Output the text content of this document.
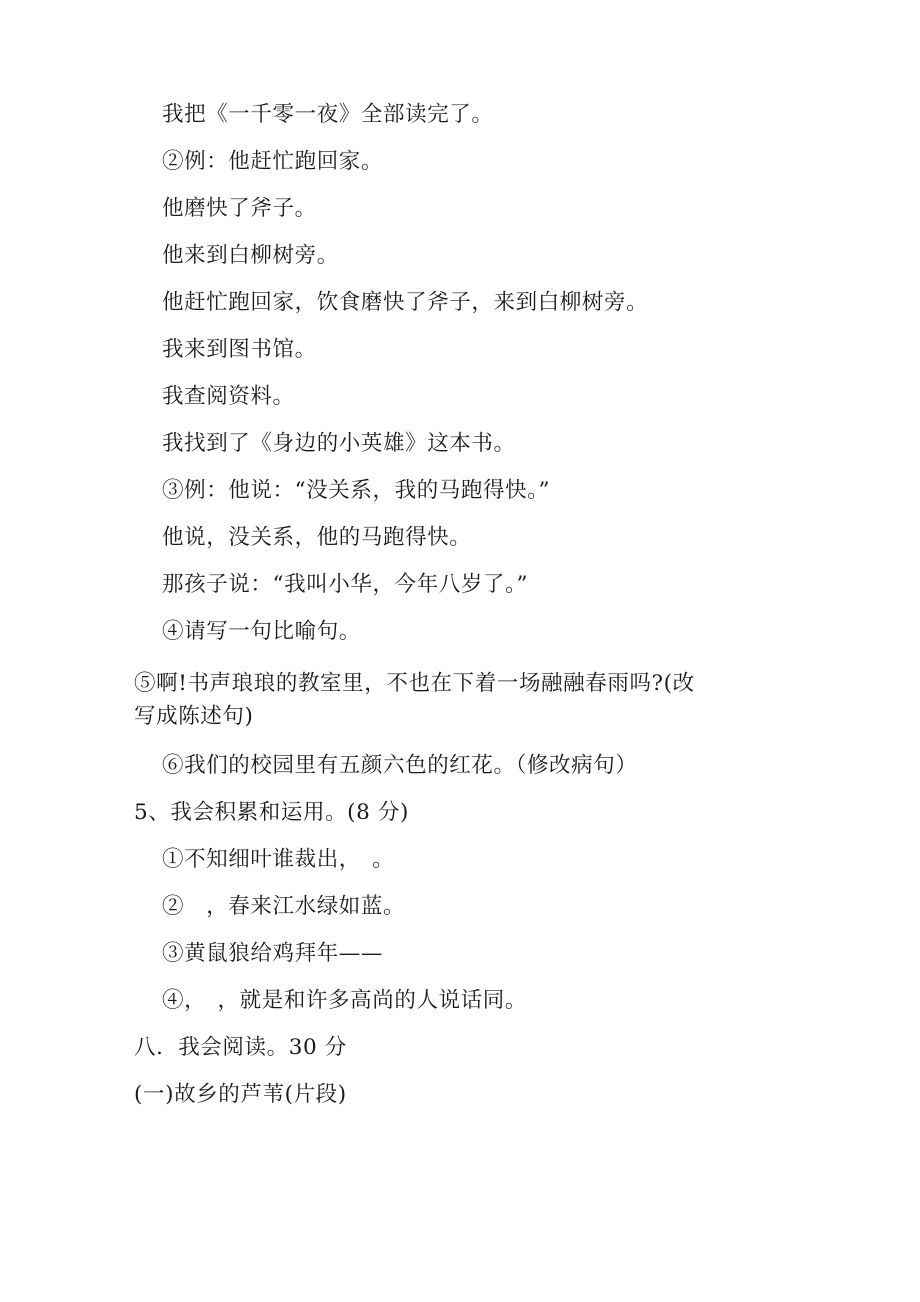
我把《一千零一夜》全部读完了。

②例：他赶忙跑回家。

他磨快了斧子。

他来到白柳树旁。

他赶忙跑回家，饮食磨快了斧子，来到白柳树旁。

我来到图书馆。

我查阅资料。

我找到了《身边的小英雄》这本书。

③例：他说：“没关系，我的马跑得快。”

他说，没关系，他的马跑得快。

那孩子说：“我叫小华，今年八岁了。”

④请写一句比喻句。

⑤啊!书声琅琅的教室里，不也在下着一场融融春雨吗?(改
写成陈述句)

⑥我们的校园里有五颜六色的红花。（修改病句）

5、我会积累和运用。(8 分)

①不知细叶谁裁出，　。

②　，春来江水绿如蓝。

③黄鼠狼给鸡拜年——

④，　，就是和许多高尚的人说话同。

八．我会阅读。30 分

(一)故乡的芦苇(片段)
